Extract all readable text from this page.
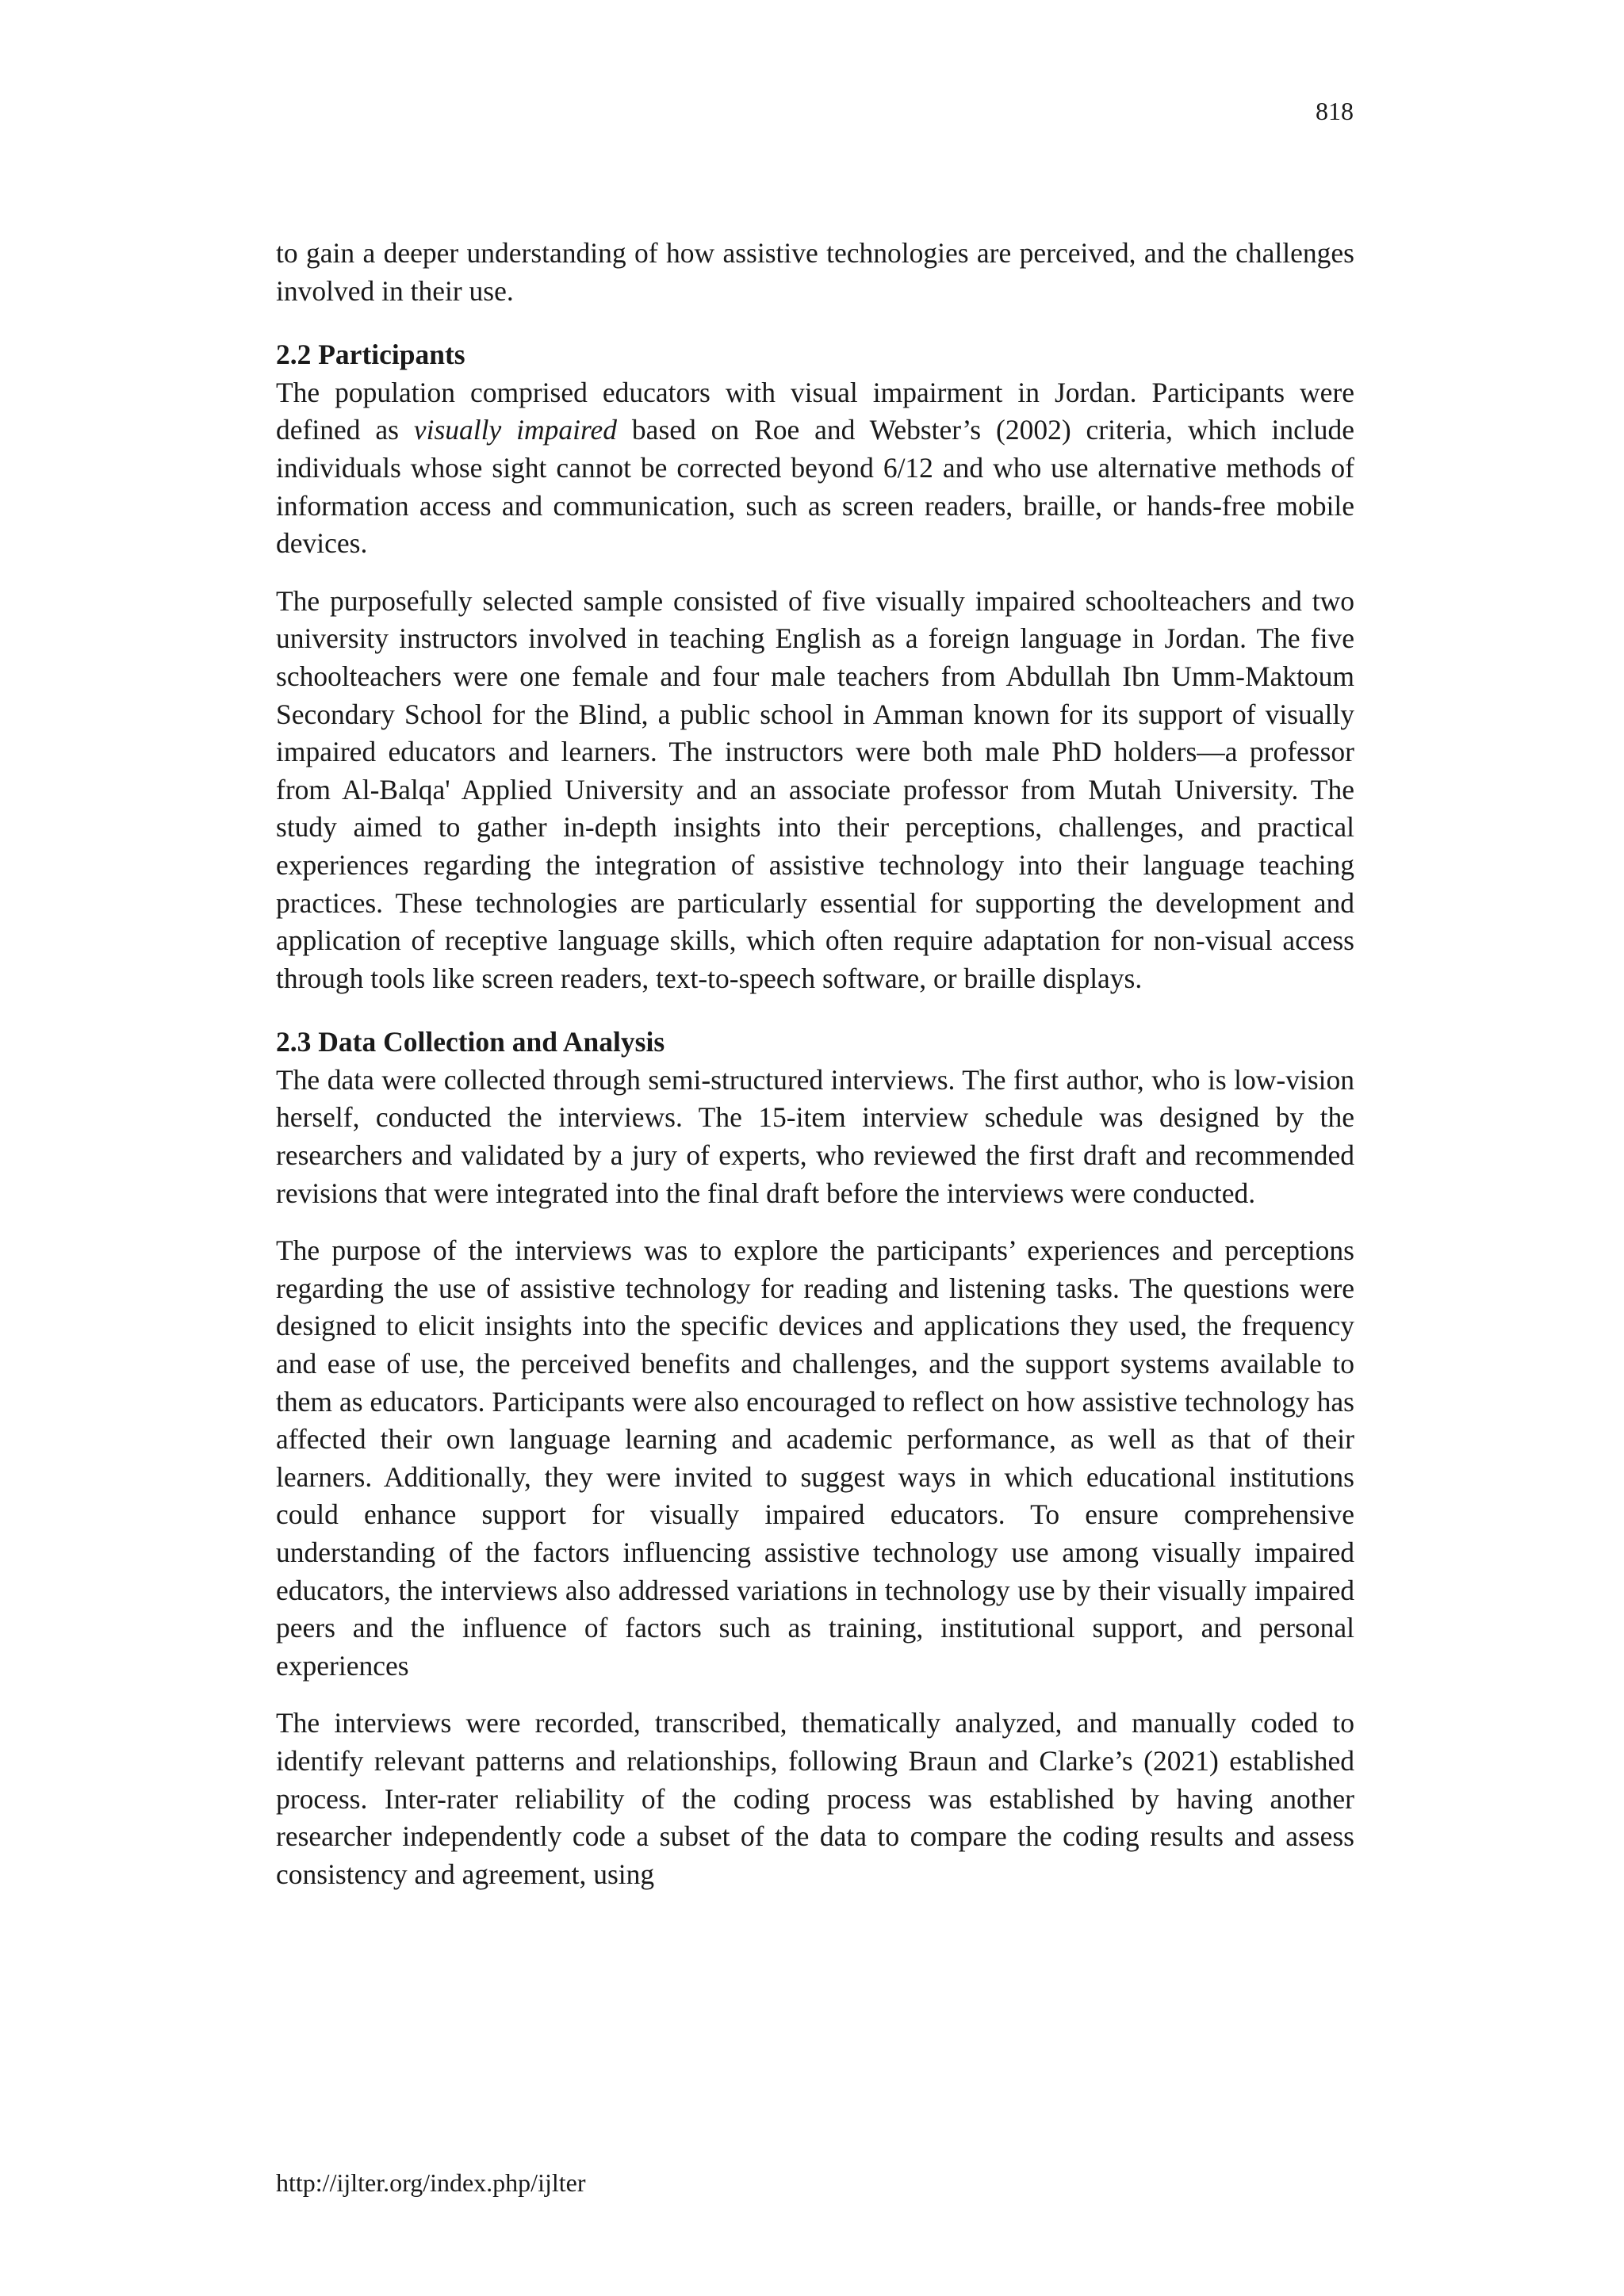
818

to gain a deeper understanding of how assistive technologies are perceived, and the challenges involved in their use.

2.2 Participants

The population comprised educators with visual impairment in Jordan. Participants were defined as visually impaired based on Roe and Webster’s (2002) criteria, which include individuals whose sight cannot be corrected beyond 6/12 and who use alternative methods of information access and communication, such as screen readers, braille, or hands-free mobile devices.

The purposefully selected sample consisted of five visually impaired schoolteachers and two university instructors involved in teaching English as a foreign language in Jordan. The five schoolteachers were one female and four male teachers from Abdullah Ibn Umm-Maktoum Secondary School for the Blind, a public school in Amman known for its support of visually impaired educators and learners. The instructors were both male PhD holders—a professor from Al-Balqa' Applied University and an associate professor from Mutah University. The study aimed to gather in-depth insights into their perceptions, challenges, and practical experiences regarding the integration of assistive technology into their language teaching practices. These technologies are particularly essential for supporting the development and application of receptive language skills, which often require adaptation for non-visual access through tools like screen readers, text-to-speech software, or braille displays.

2.3 Data Collection and Analysis

The data were collected through semi-structured interviews. The first author, who is low-vision herself, conducted the interviews. The 15-item interview schedule was designed by the researchers and validated by a jury of experts, who reviewed the first draft and recommended revisions that were integrated into the final draft before the interviews were conducted.

The purpose of the interviews was to explore the participants’ experiences and perceptions regarding the use of assistive technology for reading and listening tasks. The questions were designed to elicit insights into the specific devices and applications they used, the frequency and ease of use, the perceived benefits and challenges, and the support systems available to them as educators. Participants were also encouraged to reflect on how assistive technology has affected their own language learning and academic performance, as well as that of their learners. Additionally, they were invited to suggest ways in which educational institutions could enhance support for visually impaired educators. To ensure comprehensive understanding of the factors influencing assistive technology use among visually impaired educators, the interviews also addressed variations in technology use by their visually impaired peers and the influence of factors such as training, institutional support, and personal experiences

The interviews were recorded, transcribed, thematically analyzed, and manually coded to identify relevant patterns and relationships, following Braun and Clarke’s (2021) established process. Inter-rater reliability of the coding process was established by having another researcher independently code a subset of the data to compare the coding results and assess consistency and agreement, using

http://ijlter.org/index.php/ijlter
